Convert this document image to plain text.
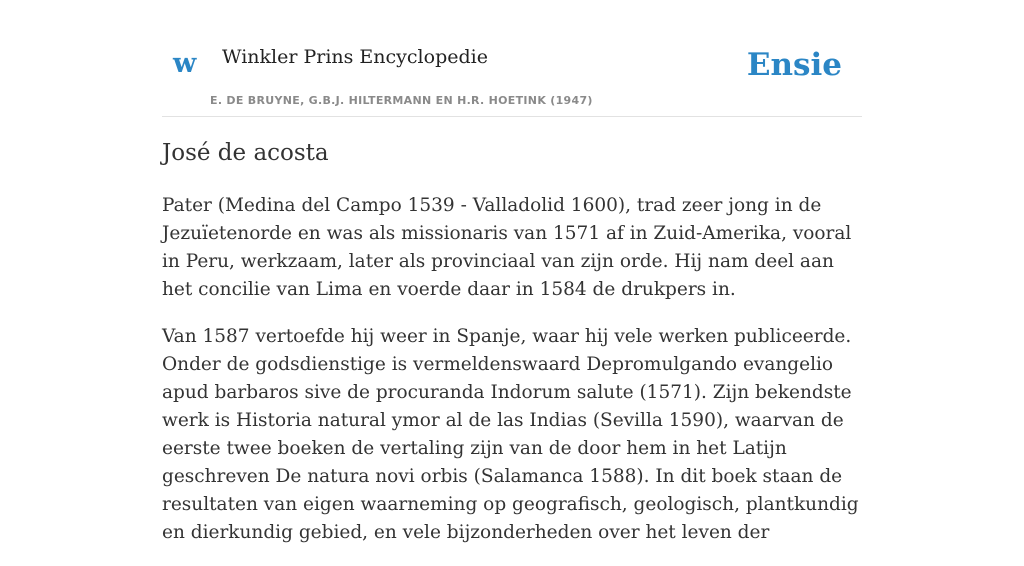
w Winkler Prins Encyclopedie
E. DE BRUYNE, G.B.J. HILTERMANN EN H.R. HOETINK (1947)
Ensie
José de acosta

Pater (Medina del Campo 1539 - Valladolid 1600), trad zeer jong in de Jezuïetenorde en was als missionaris van 1571 af in Zuid-Amerika, vooral in Peru, werkzaam, later als provinciaal van zijn orde. Hij nam deel aan het concilie van Lima en voerde daar in 1584 de drukpers in.

Van 1587 vertoefde hij weer in Spanje, waar hij vele werken publiceerde. Onder de godsdienstige is vermeldenswaard Depromulgando evangelio apud barbaros sive de procuranda Indorum salute (1571). Zijn bekendste werk is Historia natural ymor al de las Indias (Sevilla 1590), waarvan de eerste twee boeken de vertaling zijn van de door hem in het Latijn geschreven De natura novi orbis (Salamanca 1588). In dit boek staan de resultaten van eigen waarneming op geografisch, geologisch, plantkundig en dierkundig gebied, en vele bijzonderheden over het leven der
